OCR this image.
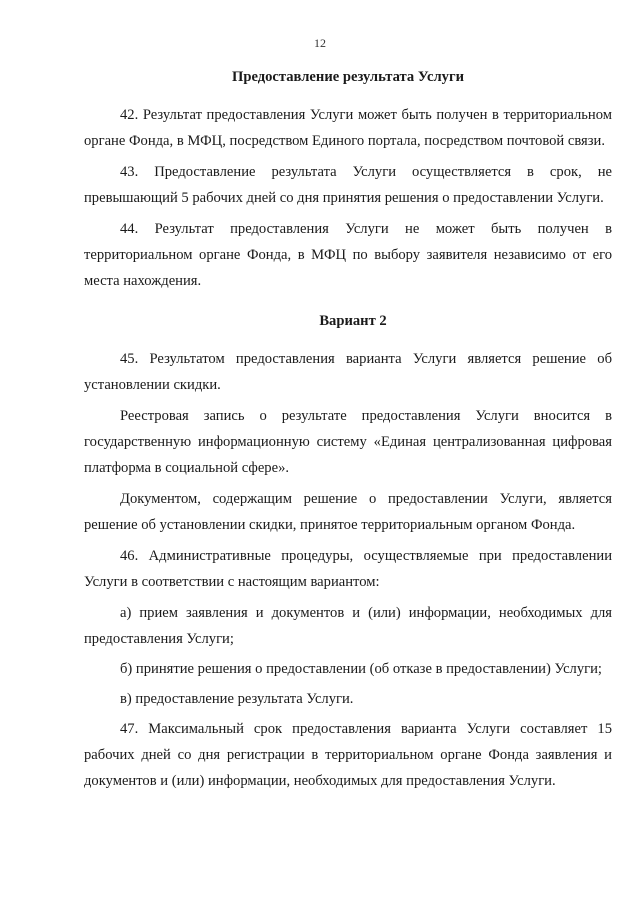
12
Предоставление результата Услуги

42. Результат предоставления Услуги может быть получен в территориальном органе Фонда, в МФЦ, посредством Единого портала, посредством почтовой связи.

43. Предоставление результата Услуги осуществляется в срок, не превышающий 5 рабочих дней со дня принятия решения о предоставлении Услуги.

44. Результат предоставления Услуги не может быть получен в территориальном органе Фонда, в МФЦ по выбору заявителя независимо от его места нахождения.

Вариант 2

45. Результатом предоставления варианта Услуги является решение об установлении скидки.

Реестровая запись о результате предоставления Услуги вносится в государственную информационную систему «Единая централизованная цифровая платформа в социальной сфере».

Документом, содержащим решение о предоставлении Услуги, является решение об установлении скидки, принятое территориальным органом Фонда.

46. Административные процедуры, осуществляемые при предоставлении Услуги в соответствии с настоящим вариантом:

а) прием заявления и документов и (или) информации, необходимых для предоставления Услуги;

б) принятие решения о предоставлении (об отказе в предоставлении) Услуги;

в) предоставление результата Услуги.

47. Максимальный срок предоставления варианта Услуги составляет 15 рабочих дней со дня регистрации в территориальном органе Фонда заявления и документов и (или) информации, необходимых для предоставления Услуги.
